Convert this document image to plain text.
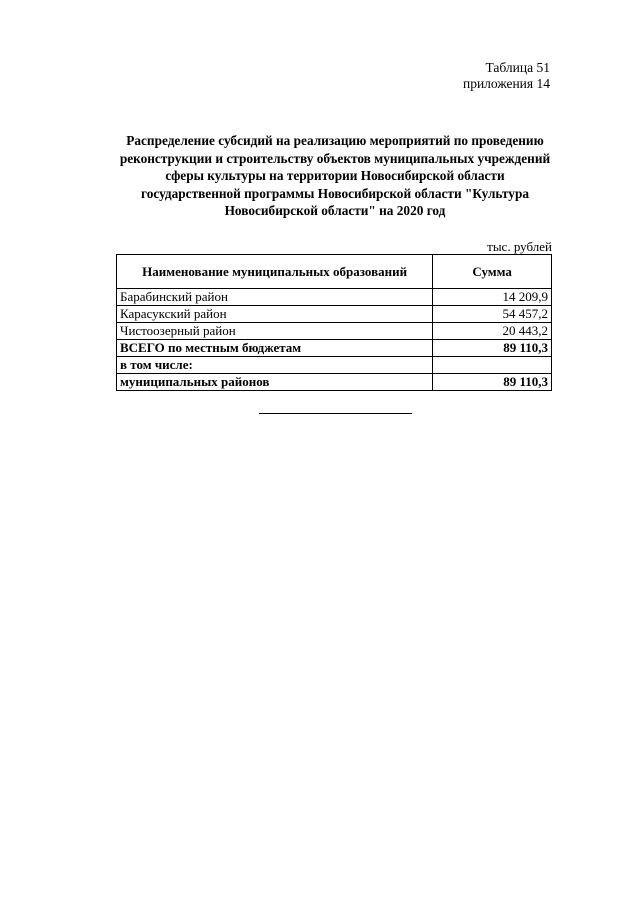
Таблица 51
приложения 14
Распределение субсидий на реализацию мероприятий по проведению
реконструкции и строительству объектов муниципальных учреждений
сферы культуры на территории Новосибирской области
государственной программы Новосибирской области "Культура
Новосибирской области" на 2020 год
тыс. рублей
Наименование муниципальных образований	Сумма
Барабинский район	14 209,9
Карасукский район	54 457,2
Чистоозерный район	20 443,2
ВСЕГО по местным бюджетам	89 110,3
в том числе:	
муниципальных районов	89 110,3
